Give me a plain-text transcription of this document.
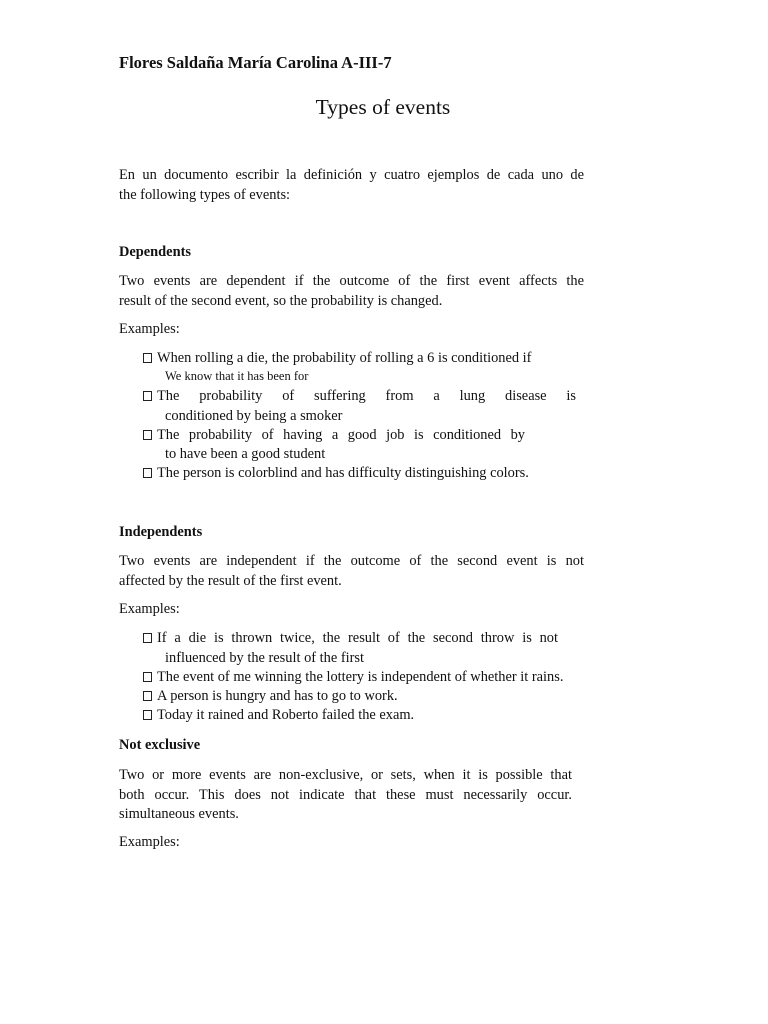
Flores Saldaña María Carolina A-III-7
Types of events
En un documento escribir la definición y cuatro ejemplos de cada uno de
the following types of events:
Dependents
Two events are dependent if the outcome of the first event affects the
result of the second event, so the probability is changed.
Examples:
When rolling a die, the probability of rolling a 6 is conditioned if
We know that it has been for
The probability of suffering from a lung disease is
conditioned by being a smoker
The probability of having a good job is conditioned by
to have been a good student
The person is colorblind and has difficulty distinguishing colors.
Independents
Two events are independent if the outcome of the second event is not
affected by the result of the first event.
Examples:
If a die is thrown twice, the result of the second throw is not
influenced by the result of the first
The event of me winning the lottery is independent of whether it rains.
A person is hungry and has to go to work.
Today it rained and Roberto failed the exam.
Not exclusive
Two or more events are non-exclusive, or sets, when it is possible that
both occur. This does not indicate that these must necessarily occur.
simultaneous events.
Examples:
